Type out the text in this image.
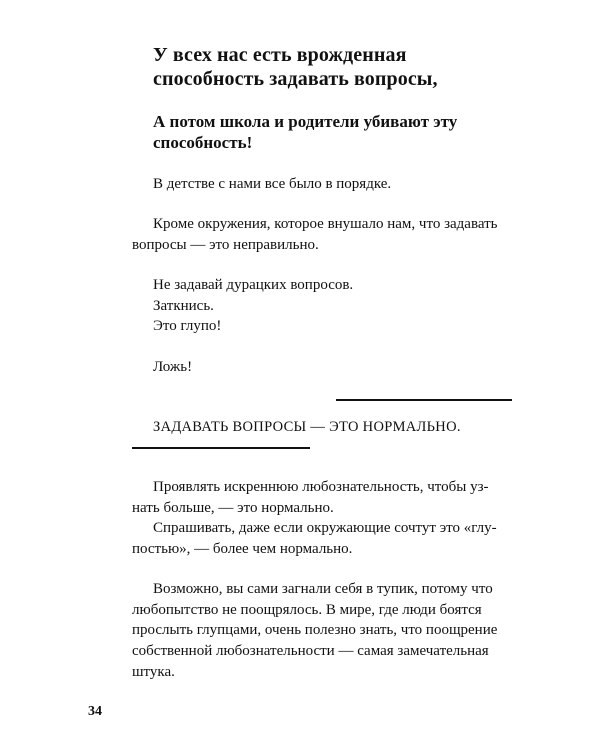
У всех нас есть врожденная
способность задавать вопросы,
А потом школа и родители убивают эту
способность!
В детстве с нами все было в порядке.
Кроме окружения, которое внушало нам, что задавать
вопросы — это неправильно.
Не задавай дурацких вопросов.
Заткнись.
Это глупо!
Ложь!
ЗАДАВАТЬ ВОПРОСЫ — ЭТО НОРМАЛЬНО.
Проявлять искреннюю любознательность, чтобы уз-
нать больше, — это нормально.
Спрашивать, даже если окружающие сочтут это «глу-
постью», — более чем нормально.
Возможно, вы сами загнали себя в тупик, потому что
любопытство не поощрялось. В мире, где люди боятся
прослыть глупцами, очень полезно знать, что поощрение
собственной любознательности — самая замечательная
штука.
34
